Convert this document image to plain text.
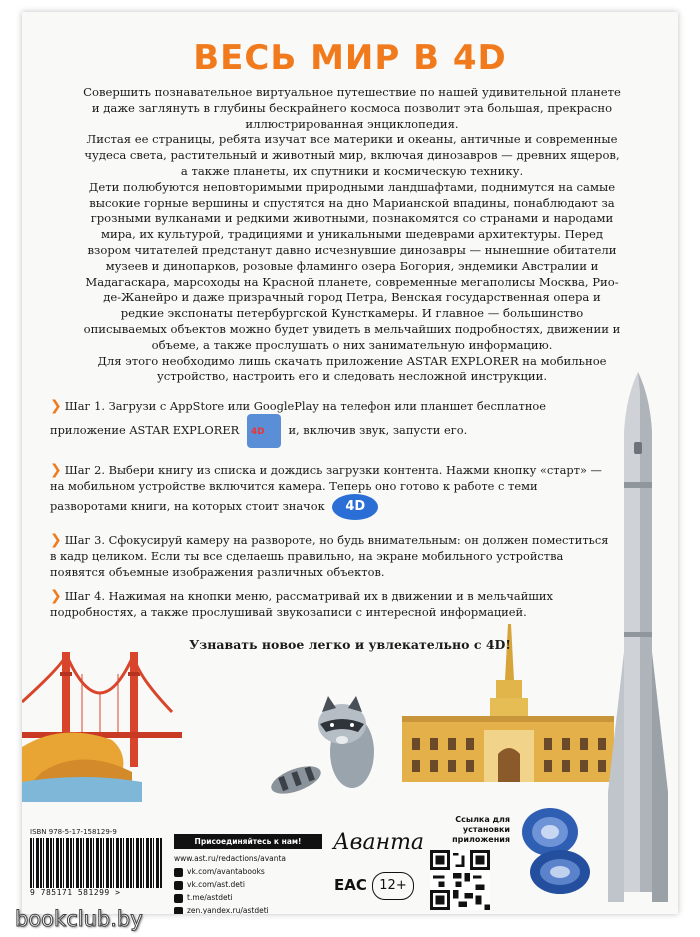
ВЕСЬ МИР В 4D

Совершить познавательное виртуальное путешествие по нашей удивительной планете и даже заглянуть в глубины бескрайнего космоса позволит эта большая, прекрасно иллюстрированная энциклопедия.

Листая ее страницы, ребята изучат все материки и океаны, античные и современные чудеса света, растительный и животный мир, включая динозавров — древних ящеров, а также планеты, их спутники и космическую технику.

Дети полюбуются неповторимыми природными ландшафтами, поднимутся на самые высокие горные вершины и спустятся на дно Марианской впадины, понаблюдают за грозными вулканами и редкими животными, познакомятся со странами и народами мира, их культурой, традициями и уникальными шедеврами архитектуры. Перед взором читателей предстанут давно исчезнувшие динозавры — нынешние обитатели музеев и динопарков, розовые фламинго озера Богория, эндемики Австралии и Мадагаскара, марсоходы на Красной планете, современные мегаполисы Москва, Рио-де-Жанейро и даже призрачный город Петра, Венская государственная опера и редкие экспонаты петербургской Кунсткамеры. И главное — большинство описываемых объектов можно будет увидеть в мельчайших подробностях, движении и объеме, а также прослушать о них занимательную информацию.

Для этого необходимо лишь скачать приложение ASTAR EXPLORER на мобильное устройство, настроить его и следовать несложной инструкции.

❯ Шаг 1. Загрузи с AppStore или GooglePlay на телефон или планшет бесплатное приложение ASTAR EXPLORER 4D и, включив звук, запусти его.
❯ Шаг 2. Выбери книгу из списка и дождись загрузки контента. Нажми кнопку «старт» — на мобильном устройстве включится камера. Теперь оно готово к работе с теми разворотами книги, на которых стоит значок 4D
❯ Шаг 3. Сфокусируй камеру на развороте, но будь внимательным: он должен поместиться в кадр целиком. Если ты все сделаешь правильно, на экране мобильного устройства появятся объемные изображения различных объектов.
❯ Шаг 4. Нажимая на кнопки меню, рассматривай их в движении и в мельчайших подробностях, а также прослушивай звукозаписи с интересной информацией.
Узнавать новое легко и увлекательно с 4D!
ISBN 978-5-17-158129-9
9 785171 581299 >
Присоединяйтесь к нам!
www.ast.ru/redactions/avanta
vk.com/avantabooks
vk.com/ast.deti
t.me/astdeti
zen.yandex.ru/astdeti
Аванта
ЕАС 12+
Ссылка для установки приложения
bookclub.by
